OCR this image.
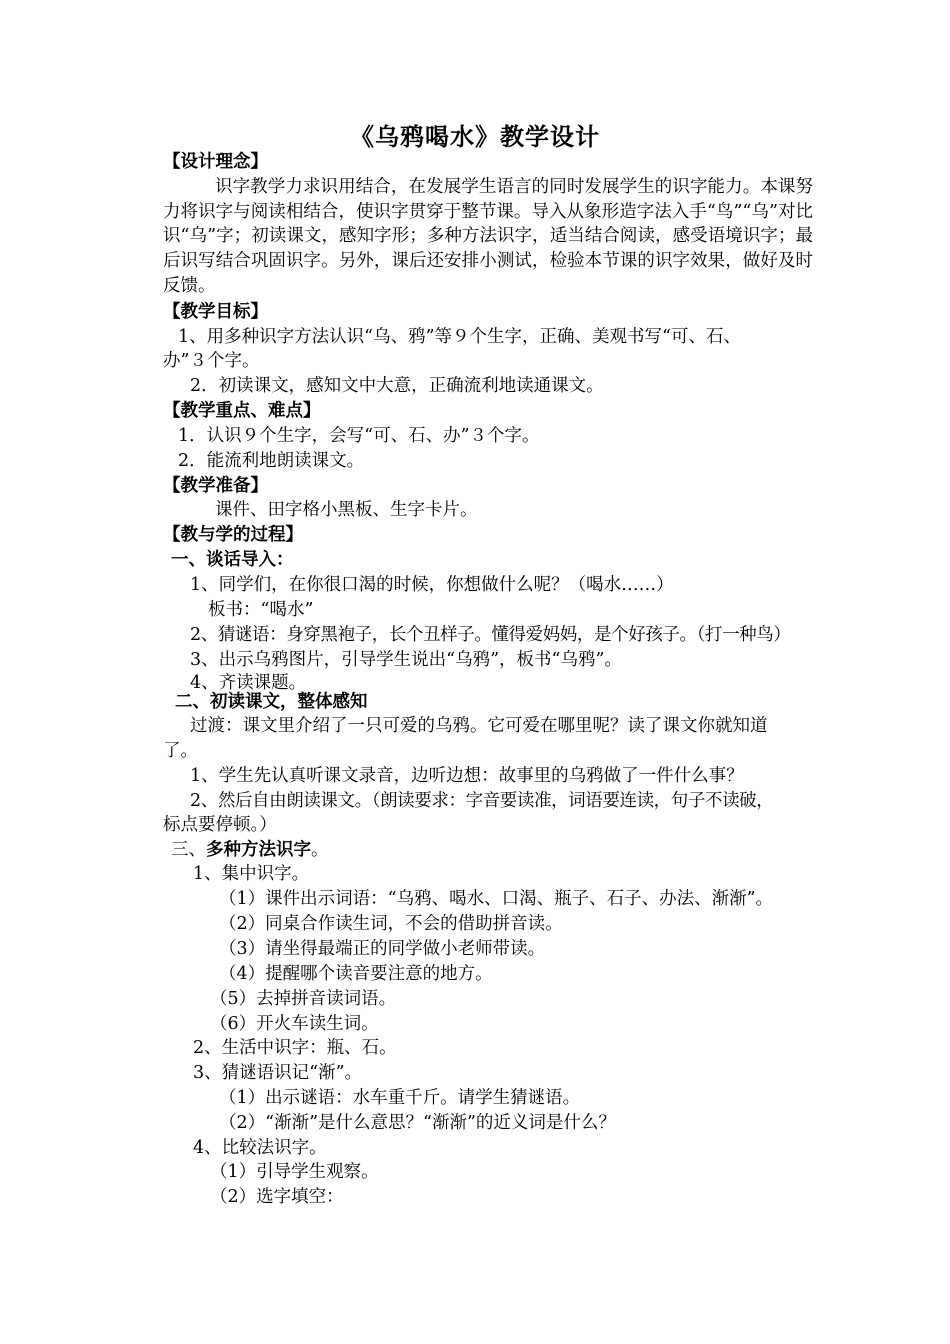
《乌鸦喝水》教学设计
【设计理念】
识字教学力求识用结合，在发展学生语言的同时发展学生的识字能力。本课努力将识字与阅读相结合，使识字贯穿于整节课。导入从象形造字法入手“鸟”“乌”对比识“乌”字；初读课文，感知字形；多种方法识字，适当结合阅读，感受语境识字；最后识写结合巩固识字。另外，课后还安排小测试，检验本节课的识字效果，做好及时反馈。
【教学目标】
1、用多种识字方法认识“乌、鸦”等９个生字，正确、美观书写“可、石、
办”３个字。
2．初读课文，感知文中大意，正确流利地读通课文。
【教学重点、难点】
1．认识９个生字，会写“可、石、办”３个字。
2．能流利地朗读课文。
【教学准备】
课件、田字格小黑板、生字卡片。
【教与学的过程】
一、谈话导入：
1、同学们，在你很口渴的时候，你想做什么呢？（喝水……）
板书：“喝水”
2、猜谜语：身穿黑袍子，长个丑样子。懂得爱妈妈，是个好孩子。（打一种鸟）
3、出示乌鸦图片，引导学生说出“乌鸦”，板书“乌鸦”。
4、齐读课题。
二、初读课文，整体感知
过渡：课文里介绍了一只可爱的乌鸦。它可爱在哪里呢？读了课文你就知道
了。
1、学生先认真听课文录音，边听边想：故事里的乌鸦做了一件什么事？
2、然后自由朗读课文。（朗读要求：字音要读准，词语要连读，句子不读破，
标点要停顿。）
三、多种方法识字。
1、集中识字。
（1）课件出示词语：“乌鸦、喝水、口渴、瓶子、石子、办法、渐渐”。
（2）同桌合作读生词，不会的借助拼音读。
（3）请坐得最端正的同学做小老师带读。
（4）提醒哪个读音要注意的地方。
（5）去掉拼音读词语。
（6）开火车读生词。
2、生活中识字：瓶、石。
3、猜谜语识记“渐”。
（1）出示谜语：水车重千斤。请学生猜谜语。
（2）“渐渐”是什么意思？“渐渐”的近义词是什么？
4、比较法识字。
（1）引导学生观察。
（2）选字填空：
